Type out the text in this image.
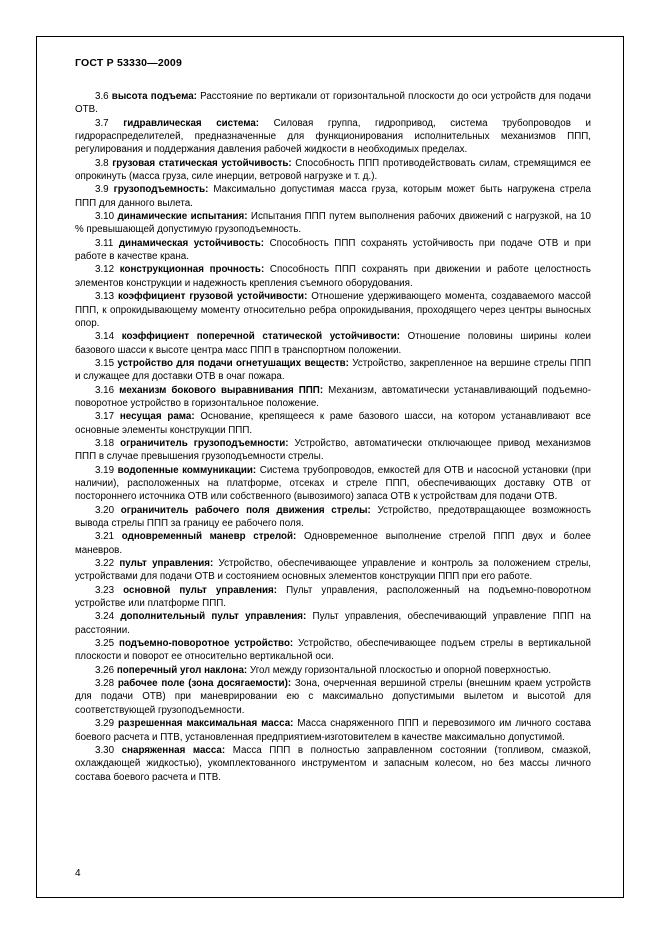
ГОСТ Р 53330—2009

3.6 высота подъема: Расстояние по вертикали от горизонтальной плоскости до оси устройств для подачи ОТВ.

3.7 гидравлическая система: Силовая группа, гидропривод, система трубопроводов и гидрораспределителей, предназначенные для функционирования исполнительных механизмов ППП, регулирования и поддержания давления рабочей жидкости в необходимых пределах.

3.8 грузовая статическая устойчивость: Способность ППП противодействовать силам, стремящимся ее опрокинуть (масса груза, силе инерции, ветровой нагрузке и т. д.).

3.9 грузоподъемность: Максимально допустимая масса груза, которым может быть нагружена стрела ППП для данного вылета.

3.10 динамические испытания: Испытания ППП путем выполнения рабочих движений с нагрузкой, на 10 % превышающей допустимую грузоподъемность.

3.11 динамическая устойчивость: Способность ППП сохранять устойчивость при подаче ОТВ и при работе в качестве крана.

3.12 конструкционная прочность: Способность ППП сохранять при движении и работе целостность элементов конструкции и надежность крепления съемного оборудования.

3.13 коэффициент грузовой устойчивости: Отношение удерживающего момента, создаваемого массой ППП, к опрокидывающему моменту относительно ребра опрокидывания, проходящего через центры выносных опор.

3.14 коэффициент поперечной статической устойчивости: Отношение половины ширины колеи базового шасси к высоте центра масс ППП в транспортном положении.

3.15 устройство для подачи огнетушащих веществ: Устройство, закрепленное на вершине стрелы ППП и служащее для доставки ОТВ в очаг пожара.

3.16 механизм бокового выравнивания ППП: Механизм, автоматически устанавливающий подъемно-поворотное устройство в горизонтальное положение.

3.17 несущая рама: Основание, крепящееся к раме базового шасси, на котором устанавливают все основные элементы конструкции ППП.

3.18 ограничитель грузоподъемности: Устройство, автоматически отключающее привод механизмов ППП в случае превышения грузоподъемности стрелы.

3.19 водопенные коммуникации: Система трубопроводов, емкостей для ОТВ и насосной установки (при наличии), расположенных на платформе, отсеках и стреле ППП, обеспечивающих доставку ОТВ от постороннего источника ОТВ или собственного (вывозимого) запаса ОТВ к устройствам для подачи ОТВ.

3.20 ограничитель рабочего поля движения стрелы: Устройство, предотвращающее возможность вывода стрелы ППП за границу ее рабочего поля.

3.21 одновременный маневр стрелой: Одновременное выполнение стрелой ППП двух и более маневров.

3.22 пульт управления: Устройство, обеспечивающее управление и контроль за положением стрелы, устройствами для подачи ОТВ и состоянием основных элементов конструкции ППП при его работе.

3.23 основной пульт управления: Пульт управления, расположенный на подъемно-поворотном устройстве или платформе ППП.

3.24 дополнительный пульт управления: Пульт управления, обеспечивающий управление ППП на расстоянии.

3.25 подъемно-поворотное устройство: Устройство, обеспечивающее подъем стрелы в вертикальной плоскости и поворот ее относительно вертикальной оси.

3.26 поперечный угол наклона: Угол между горизонтальной плоскостью и опорной поверхностью.

3.28 рабочее поле (зона досягаемости): Зона, очерченная вершиной стрелы (внешним краем устройств для подачи ОТВ) при маневрировании ею с максимально допустимыми вылетом и высотой для соответствующей грузоподъемности.

3.29 разрешенная максимальная масса: Масса снаряженного ППП и перевозимого им личного состава боевого расчета и ПТВ, установленная предприятием-изготовителем в качестве максимально допустимой.

3.30 снаряженная масса: Масса ППП в полностью заправленном состоянии (топливом, смазкой, охлаждающей жидкостью), укомплектованного инструментом и запасным колесом, но без массы личного состава боевого расчета и ПТВ.

4
